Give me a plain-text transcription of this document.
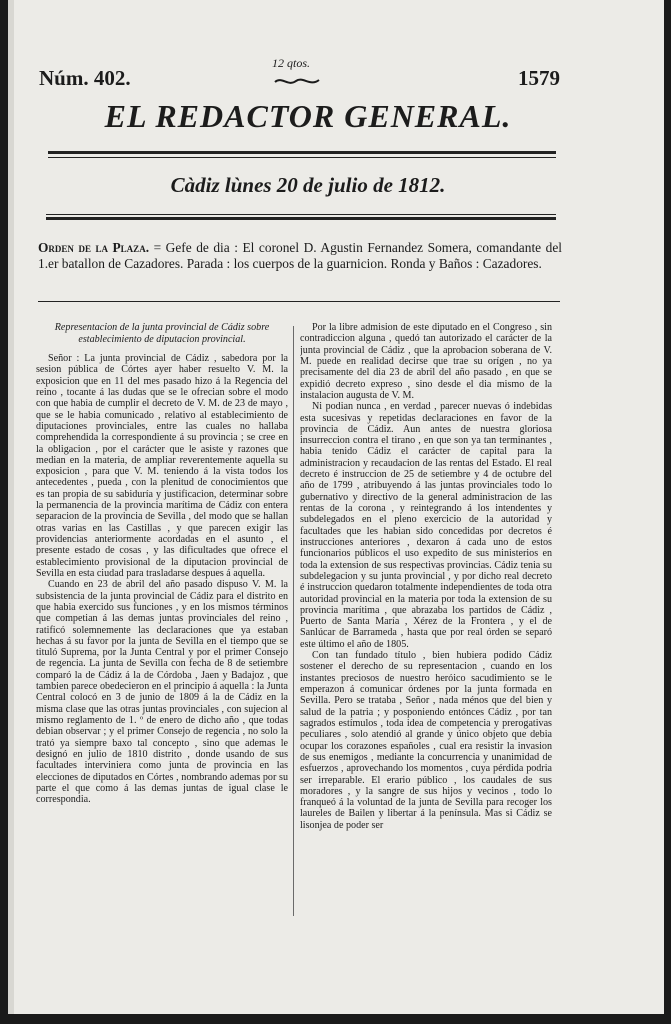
Núm. 402.
12 qtos.
1579
EL REDACTOR GENERAL.
Càdiz lùnes 20 de julio de 1812.
Orden de la Plaza. = Gefe de dia : El coronel D. Agustin Fernandez Somera, comandante del 1.er batallon de Cazadores. Parada : los cuerpos de la guarnicion. Ronda y Baños : Cazadores.
Representacion de la junta provincial de Cádiz sobre establecimiento de diputacion provincial.

Señor : La junta provincial de Cádiz , sabedora por la sesion pública de Córtes ayer haber resuelto V. M. la exposicion que en 11 del mes pasado hizo á la Regencia del reino , tocante á las dudas que se le ofrecian sobre el modo con que habia de cumplir el decreto de V. M. de 23 de mayo , que se le habia comunicado , relativo al establecimiento de diputaciones provinciales, entre las cuales no hallaba comprehendida la correspondiente á su provincia ; se cree en la obligacion , por el carácter que le asiste y razones que median en la materia, de ampliar reverentemente aquella su exposicion , para que V. M. teniendo á la vista todos los antecedentes , pueda , con la plenitud de conocimientos que es tan propia de su sabiduría y justificacion, determinar sobre la permanencia de la provincia marítima de Cádiz con entera separacion de la provincia de Sevilla , del modo que se hallan otras varias en las Castillas , y que parecen exigir las providencias anteriormente acordadas en el asunto , el presente estado de cosas , y las dificultades que ofrece el establecimiento provisional de la diputacion provincial de Sevilla en esta ciudad para trasladarse despues á aquella.

Cuando en 23 de abril del año pasado dispuso V. M. la subsistencia de la junta provincial de Cádiz para el distrito en que habia exercido sus funciones , y en los mismos términos que competian á las demas juntas provinciales del reino , ratificó solemnemente las declaraciones que ya estaban hechas á su favor por la junta de Sevilla en el tiempo que se tituló Suprema, por la Junta Central y por el primer Consejo de regencia. La junta de Sevilla con fecha de 8 de setiembre comparó la de Cádiz á la de Córdoba , Jaen y Badajoz , que tambien parece obedecieron en el principio á aquella : la Junta Central colocó en 3 de junio de 1809 á la de Cádiz en la misma clase que las otras juntas provinciales , con sujecion al mismo reglamento de 1. º de enero de dicho año , que todas debian observar ; y el primer Consejo de regencia , no solo la trató ya siempre baxo tal concepto , sino que ademas le designó en julio de 1810 distrito , donde usando de sus facultades interviniera como junta de provincia en las elecciones de diputados en Córtes , nombrando ademas por su parte el que como á las demas juntas de igual clase le correspondia.

Por la libre admision de este diputado en el Congreso , sin contradiccion alguna , quedó tan autorizado el carácter de la junta provincial de Cádiz , que la aprobacion soberana de V. M. puede en realidad decirse que trae su orígen , no ya precisamente del dia 23 de abril del año pasado , en que se expidió decreto expreso , sino desde el dia mismo de la instalacion augusta de V. M.

Ni podian nunca , en verdad , parecer nuevas ó indebidas esta sucesivas y repetidas declaraciones en favor de la provincia de Cádiz. Aun antes de nuestra gloriosa insurreccion contra el tirano , en que son ya tan terminantes , habia tenido Cádiz el carácter de capital para la administracion y recaudacion de las rentas del Estado. El real decreto é instruccion de 25 de setiembre y 4 de octubre del año de 1799 , atribuyendo á las juntas provinciales todo lo gubernativo y directivo de la general administracion de las rentas de la corona , y reintegrando á los intendentes y subdelegados en el pleno exercicio de la autoridad y facultades que les habian sido concedidas por decretos é instrucciones anteriores , dexaron á cada uno de estos funcionarios públicos el uso expedito de sus ministerios en toda la extension de sus respectivas provincias. Cádiz tenia su subdelegacion y su junta provincial , y por dicho real decreto é instruccion quedaron totalmente independientes de toda otra autoridad provincial en la materia por toda la extension de su provincia marítima , que abrazaba los partidos de Cádiz , Puerto de Santa María , Xérez de la Frontera , y el de Sanlúcar de Barrameda , hasta que por real órden se separó este último el año de 1805.

Con tan fundado título , bien hubiera podido Cádiz sostener el derecho de su representacion , cuando en los instantes preciosos de nuestro heróico sacudimiento se le emperazon á comunicar órdenes por la junta formada en Sevilla. Pero se trataba , Señor , nada ménos que del bien y salud de la patria ; y posponiendo entónces Cádiz , por tan sagrados estímulos , toda idea de competencia y prerogativas peculiares , solo atendió al grande y único objeto que debia ocupar los corazones españoles , cual era resistir la invasion de sus enemigos , mediante la concurrencia y unanimidad de esfuerzos , aprovechando los momentos , cuya pérdida podria ser irreparable. El erario público , los caudales de sus moradores , y la sangre de sus hijos y vecinos , todo lo franqueó á la voluntad de la junta de Sevilla para recoger los laureles de Bailen y libertar á la península. Mas si Cádiz se lisonjea de poder ser
